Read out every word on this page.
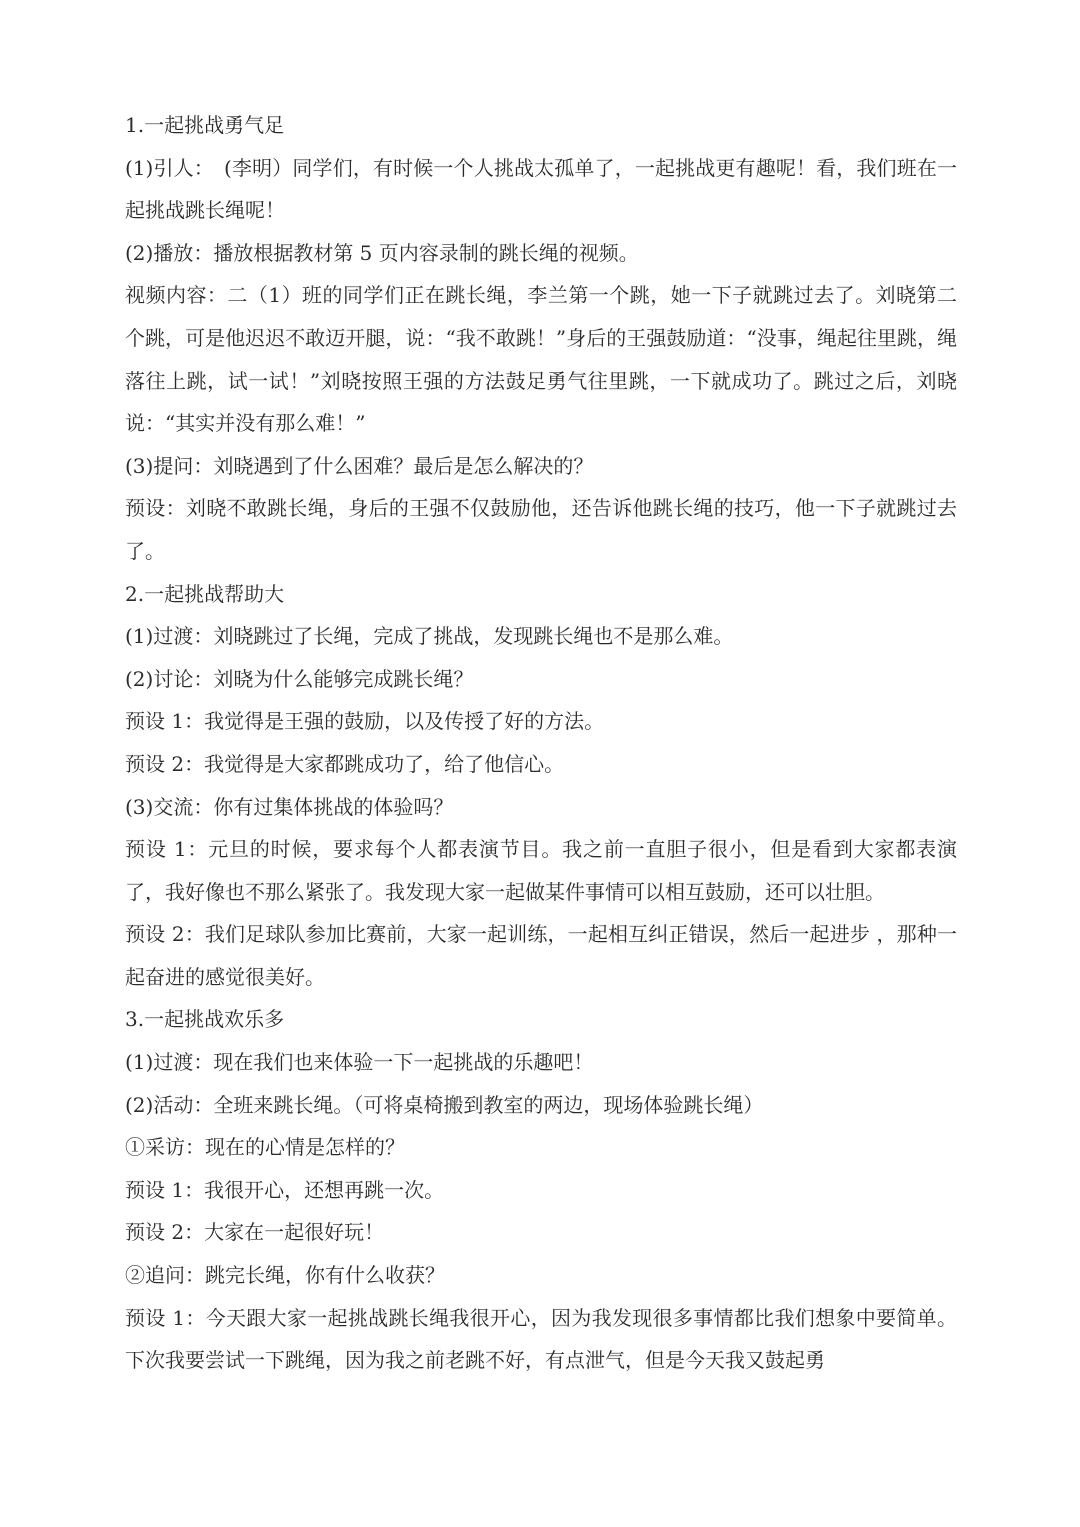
1.一起挑战勇气足

(1)引人：　(李明）同学们，有时候一个人挑战太孤单了，一起挑战更有趣呢！看，我们班在一起挑战跳长绳呢！

(2)播放：播放根据教材第 5 页内容录制的跳长绳的视频。

视频内容：二（1）班的同学们正在跳长绳，李兰第一个跳，她一下子就跳过去了。刘晓第二个跳，可是他迟迟不敢迈开腿，说：“我不敢跳！”身后的王强鼓励道：“没事，绳起往里跳，绳落往上跳，试一试！”刘晓按照王强的方法鼓足勇气往里跳，一下就成功了。跳过之后，刘晓说：“其实并没有那么难！”

(3)提问：刘晓遇到了什么困难？最后是怎么解决的？

预设：刘晓不敢跳长绳，身后的王强不仅鼓励他，还告诉他跳长绳的技巧，他一下子就跳过去了。

2.一起挑战帮助大

(1)过渡：刘晓跳过了长绳，完成了挑战，发现跳长绳也不是那么难。

(2)讨论：刘晓为什么能够完成跳长绳？

预设 1：我觉得是王强的鼓励，以及传授了好的方法。

预设 2：我觉得是大家都跳成功了，给了他信心。

(3)交流：你有过集体挑战的体验吗？

预设 1：元旦的时候，要求每个人都表演节目。我之前一直胆子很小，但是看到大家都表演了，我好像也不那么紧张了。我发现大家一起做某件事情可以相互鼓励，还可以壮胆。

预设 2：我们足球队参加比赛前，大家一起训练，一起相互纠正错误，然后一起进步 ，那种一起奋进的感觉很美好。

3.一起挑战欢乐多

(1)过渡：现在我们也来体验一下一起挑战的乐趣吧！

(2)活动：全班来跳长绳。（可将桌椅搬到教室的两边，现场体验跳长绳）

①采访：现在的心情是怎样的？

预设 1：我很开心，还想再跳一次。

预设 2：大家在一起很好玩！

②追问：跳完长绳，你有什么收获？

预设 1：今天跟大家一起挑战跳长绳我很开心，因为我发现很多事情都比我们想象中要简单。下次我要尝试一下跳绳，因为我之前老跳不好，有点泄气，但是今天我又鼓起勇
